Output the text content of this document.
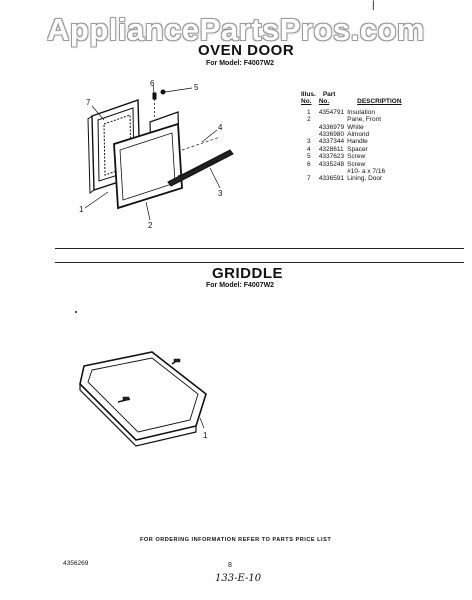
AppliancePartsPros.com
|
OVEN DOOR
For Model: F4007W2
7
6	5
4
3
1
2
Illus.	Part	
No.	No.	DESCRIPTION

1	4354791	Insulation
2		Pane, Front
	4336979	White
	4336980	Almond
3	4337344	Handle
4	4328611	Spacer
5	4337623	Screw
6	4335248	Screw
		#10- a x 7/16
7	4336591	Lining, Door
GRIDDLE
For Model: F4007W2
1
FOR ORDERING INFORMATION REFER TO PARTS PRICE LIST
4356269	8
133-E-10
